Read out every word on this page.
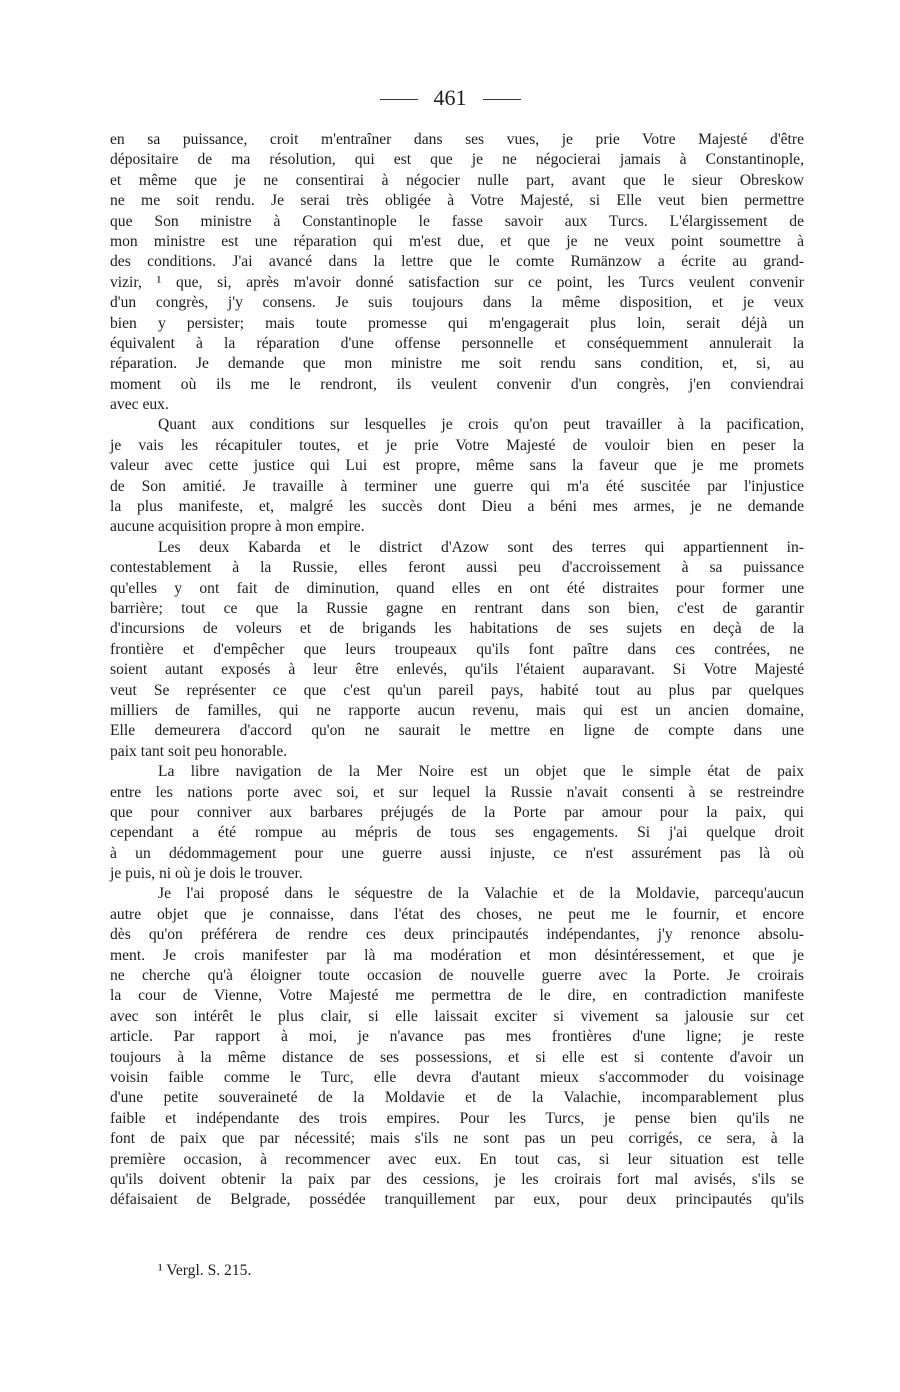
461
en sa puissance, croit m'entraîner dans ses vues, je prie Votre Majesté d'être
dépositaire de ma résolution, qui est que je ne négocierai jamais à Constantinople,
et même que je ne consentirai à négocier nulle part, avant que le sieur Obreskow
ne me soit rendu. Je serai très obligée à Votre Majesté, si Elle veut bien permettre
que Son ministre à Constantinople le fasse savoir aux Turcs. L'élargissement de
mon ministre est une réparation qui m'est due, et que je ne veux point soumettre à
des conditions. J'ai avancé dans la lettre que le comte Rumänzow a écrite au grand-
vizir, ¹ que, si, après m'avoir donné satisfaction sur ce point, les Turcs veulent convenir
d'un congrès, j'y consens. Je suis toujours dans la même disposition, et je veux
bien y persister; mais toute promesse qui m'engagerait plus loin, serait déjà un
équivalent à la réparation d'une offense personnelle et conséquemment annulerait la
réparation. Je demande que mon ministre me soit rendu sans condition, et, si, au
moment où ils me le rendront, ils veulent convenir d'un congrès, j'en conviendrai
avec eux.
Quant aux conditions sur lesquelles je crois qu'on peut travailler à la pacification,
je vais les récapituler toutes, et je prie Votre Majesté de vouloir bien en peser la
valeur avec cette justice qui Lui est propre, même sans la faveur que je me promets
de Son amitié. Je travaille à terminer une guerre qui m'a été suscitée par l'injustice
la plus manifeste, et, malgré les succès dont Dieu a béni mes armes, je ne demande
aucune acquisition propre à mon empire.
Les deux Kabarda et le district d'Azow sont des terres qui appartiennent in-
contestablement à la Russie, elles feront aussi peu d'accroissement à sa puissance
qu'elles y ont fait de diminution, quand elles en ont été distraites pour former une
barrière; tout ce que la Russie gagne en rentrant dans son bien, c'est de garantir
d'incursions de voleurs et de brigands les habitations de ses sujets en deçà de la
frontière et d'empêcher que leurs troupeaux qu'ils font paître dans ces contrées, ne
soient autant exposés à leur être enlevés, qu'ils l'étaient auparavant. Si Votre Majesté
veut Se représenter ce que c'est qu'un pareil pays, habité tout au plus par quelques
milliers de familles, qui ne rapporte aucun revenu, mais qui est un ancien domaine,
Elle demeurera d'accord qu'on ne saurait le mettre en ligne de compte dans une
paix tant soit peu honorable.
La libre navigation de la Mer Noire est un objet que le simple état de paix
entre les nations porte avec soi, et sur lequel la Russie n'avait consenti à se restreindre
que pour conniver aux barbares préjugés de la Porte par amour pour la paix, qui
cependant a été rompue au mépris de tous ses engagements. Si j'ai quelque droit
à un dédommagement pour une guerre aussi injuste, ce n'est assurément pas là où
je puis, ni où je dois le trouver.
Je l'ai proposé dans le séquestre de la Valachie et de la Moldavie, parcequ'aucun
autre objet que je connaisse, dans l'état des choses, ne peut me le fournir, et encore
dès qu'on préférera de rendre ces deux principautés indépendantes, j'y renonce absolu-
ment. Je crois manifester par là ma modération et mon désintéressement, et que je
ne cherche qu'à éloigner toute occasion de nouvelle guerre avec la Porte. Je croirais
la cour de Vienne, Votre Majesté me permettra de le dire, en contradiction manifeste
avec son intérêt le plus clair, si elle laissait exciter si vivement sa jalousie sur cet
article. Par rapport à moi, je n'avance pas mes frontières d'une ligne; je reste
toujours à la même distance de ses possessions, et si elle est si contente d'avoir un
voisin faible comme le Turc, elle devra d'autant mieux s'accommoder du voisinage
d'une petite souveraineté de la Moldavie et de la Valachie, incomparablement plus
faible et indépendante des trois empires. Pour les Turcs, je pense bien qu'ils ne
font de paix que par nécessité; mais s'ils ne sont pas un peu corrigés, ce sera, à la
première occasion, à recommencer avec eux. En tout cas, si leur situation est telle
qu'ils doivent obtenir la paix par des cessions, je les croirais fort mal avisés, s'ils se
défaisaient de Belgrade, possédée tranquillement par eux, pour deux principautés qu'ils
¹ Vergl. S. 215.
